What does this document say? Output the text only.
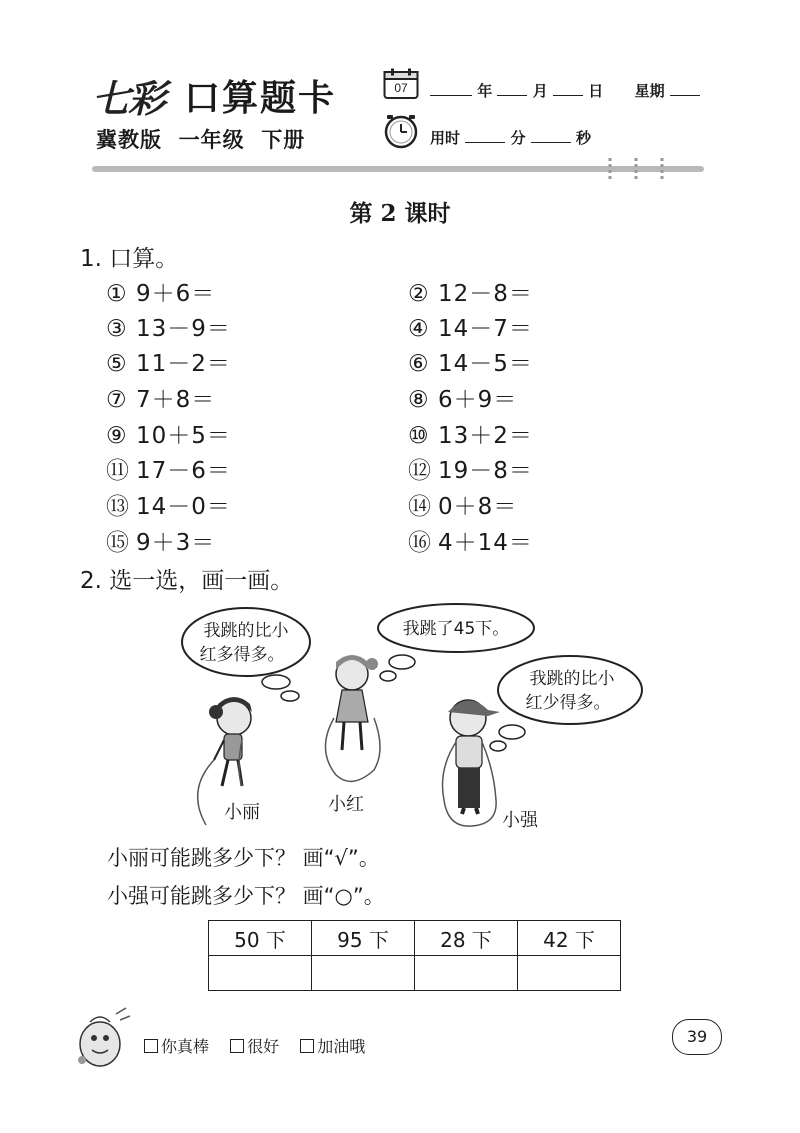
七彩 口算题卡
冀教版  一年级  下册
07	年	月	日 星期
用时	分	秒
第 2 课时
1. 口算。
① 9＋6＝	② 12－8＝
③ 13－9＝	④ 14－7＝
⑤ 11－2＝	⑥ 14－5＝
⑦ 7＋8＝	⑧ 6＋9＝
⑨ 10＋5＝	⑩ 13＋2＝
⑪ 17－6＝	⑫ 19－8＝
⑬ 14－0＝	⑭ 0＋8＝
⑮ 9＋3＝	⑯ 4＋14＝
2. 选一选，画一画。
我跳的比小
红多得多。
我跳了45下。
我跳的比小
红少得多。
小丽	小红
小强
小丽可能跳多少下？ 画“√”。
小强可能跳多少下？ 画“○”。
50 下	95 下	28 下	42 下

你真棒
很好
加油哦
39
